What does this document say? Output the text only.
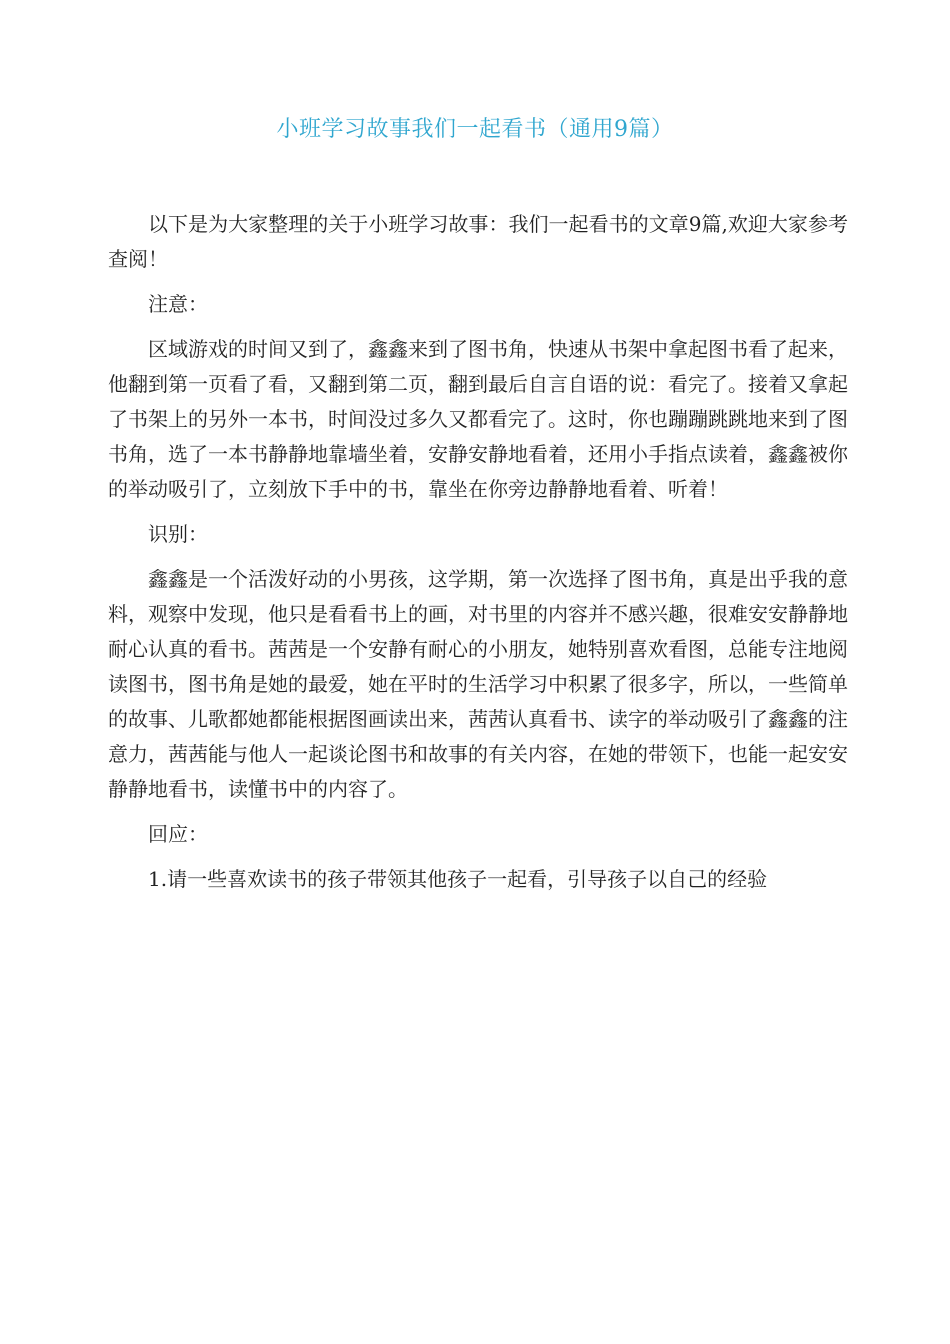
小班学习故事我们一起看书（通用9篇）

以下是为大家整理的关于小班学习故事：我们一起看书的文章9篇,欢迎大家参考查阅！

注意：

区域游戏的时间又到了，鑫鑫来到了图书角，快速从书架中拿起图书看了起来，他翻到第一页看了看，又翻到第二页，翻到最后自言自语的说：看完了。接着又拿起了书架上的另外一本书，时间没过多久又都看完了。这时，你也蹦蹦跳跳地来到了图书角，选了一本书静静地靠墙坐着，安静安静地看着，还用小手指点读着，鑫鑫被你的举动吸引了，立刻放下手中的书，靠坐在你旁边静静地看着、听着！

识别：

鑫鑫是一个活泼好动的小男孩，这学期，第一次选择了图书角，真是出乎我的意料，观察中发现，他只是看看书上的画，对书里的内容并不感兴趣，很难安安静静地耐心认真的看书。茜茜是一个安静有耐心的小朋友，她特别喜欢看图，总能专注地阅读图书，图书角是她的最爱，她在平时的生活学习中积累了很多字，所以，一些简单的故事、儿歌都她都能根据图画读出来，茜茜认真看书、读字的举动吸引了鑫鑫的注意力，茜茜能与他人一起谈论图书和故事的有关内容，在她的带领下，也能一起安安静静地看书，读懂书中的内容了。

回应：

1.请一些喜欢读书的孩子带领其他孩子一起看，引导孩子以自己的经验
